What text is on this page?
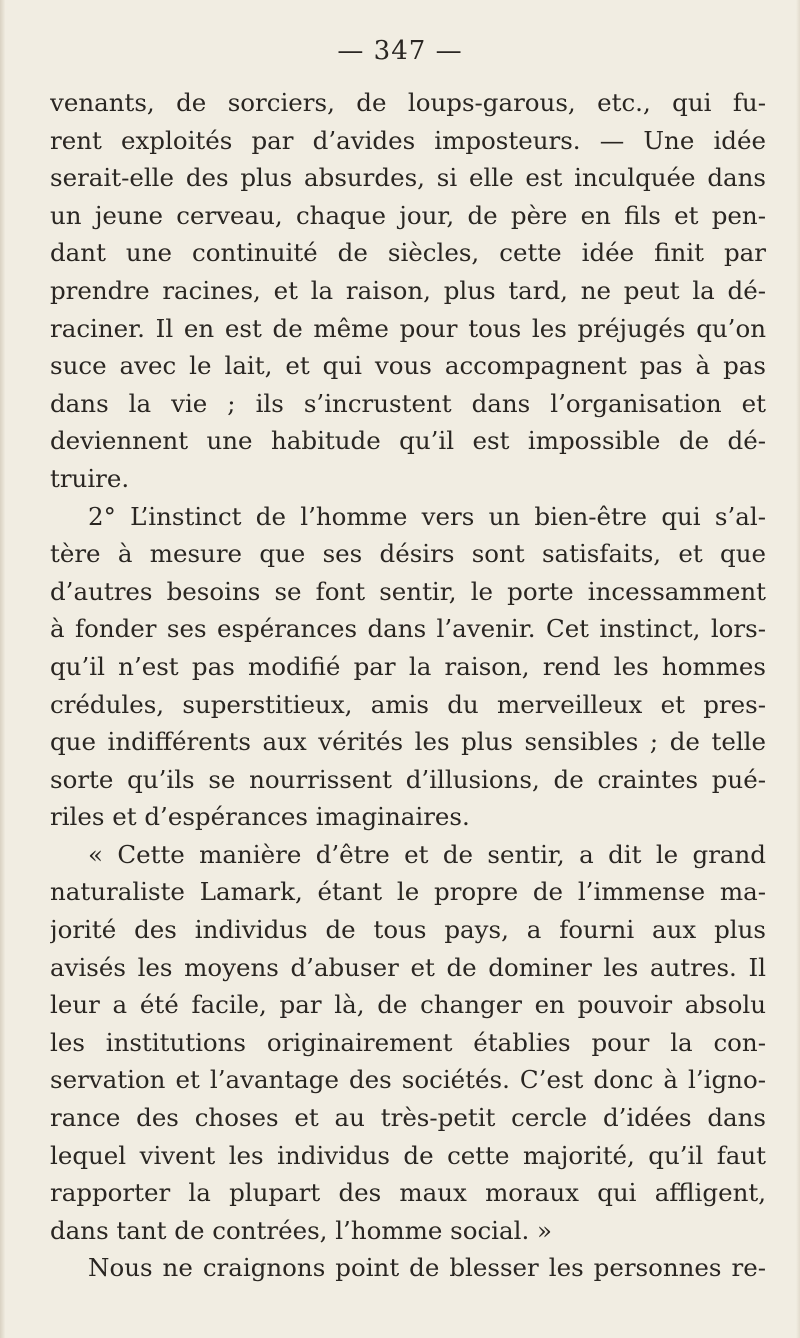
— 347 —
venants, de sorciers, de loups-garous, etc., qui fu-
rent exploités par d’avides imposteurs. — Une idée
serait-elle des plus absurdes, si elle est inculquée dans
un jeune cerveau, chaque jour, de père en fils et pen-
dant une continuité de siècles, cette idée finit par
prendre racines, et la raison, plus tard, ne peut la dé-
raciner. Il en est de même pour tous les préjugés qu’on
suce avec le lait, et qui vous accompagnent pas à pas
dans la vie ; ils s’incrustent dans l’organisation et
deviennent une habitude qu’il est impossible de dé-
truire.
2° L’instinct de l’homme vers un bien-être qui s’al-
tère à mesure que ses désirs sont satisfaits, et que
d’autres besoins se font sentir, le porte incessamment
à fonder ses espérances dans l’avenir. Cet instinct, lors-
qu’il n’est pas modifié par la raison, rend les hommes
crédules, superstitieux, amis du merveilleux et pres-
que indifférents aux vérités les plus sensibles ; de telle
sorte qu’ils se nourrissent d’illusions, de craintes pué-
riles et d’espérances imaginaires.
« Cette manière d’être et de sentir, a dit le grand
naturaliste Lamark, étant le propre de l’immense ma-
jorité des individus de tous pays, a fourni aux plus
avisés les moyens d’abuser et de dominer les autres. Il
leur a été facile, par là, de changer en pouvoir absolu
les institutions originairement établies pour la con-
servation et l’avantage des sociétés. C’est donc à l’igno-
rance des choses et au très-petit cercle d’idées dans
lequel vivent les individus de cette majorité, qu’il faut
rapporter la plupart des maux moraux qui affligent,
dans tant de contrées, l’homme social. »
Nous ne craignons point de blesser les personnes re-
